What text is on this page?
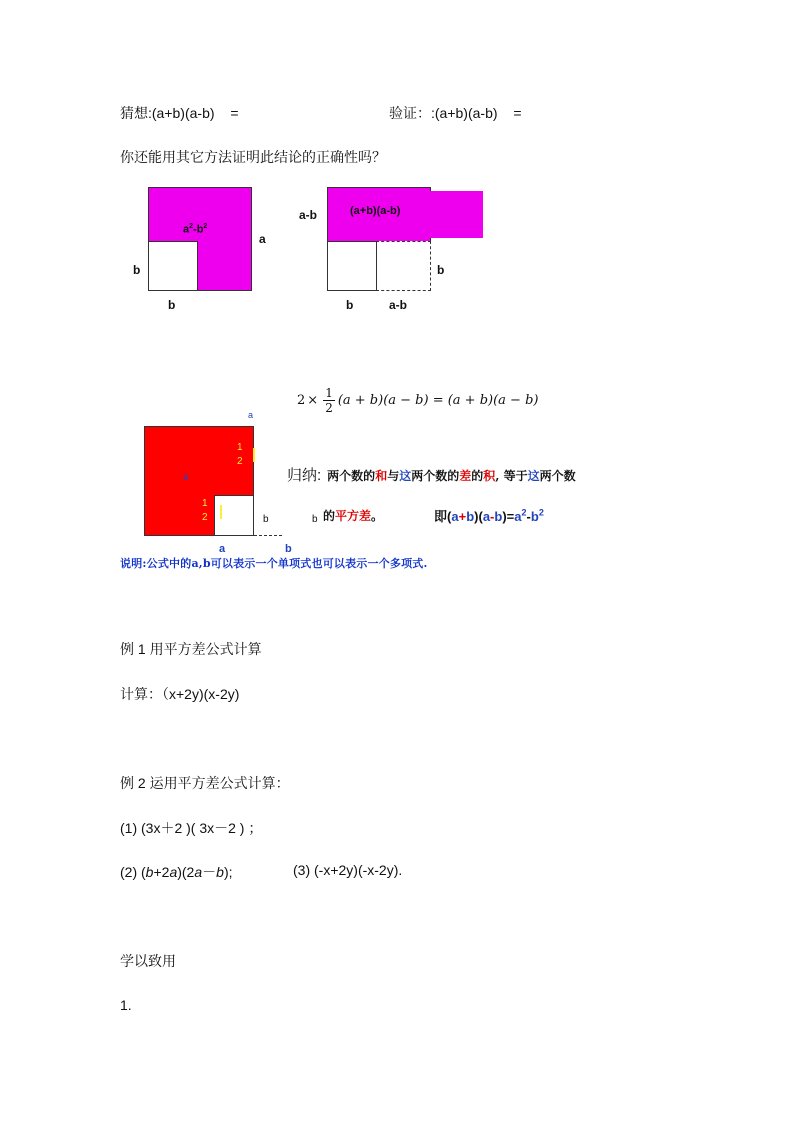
猜想:(a+b)(a-b) =	验证：:(a+b)(a-b) =
你还能用其它方法证明此结论的正确性吗？
$a^2-b^2$
a
b
b
(a+b)(a-b)
a-b
b
b	a-b
$2 \times \frac{1}{2} (a + b)(a - b) = (a + b)(a - b)$
a
a
1
2
1
2	b	b
a	b
归纳: 两个数的 和 与 这 两个数的 差 的 积 , 等于 这 两个数
的 平方差 。	即$(a+b)(a-b)=a^2-b^2$
说明:公式中的a,b可以表示一个单项式也可以表示一个多项式.
例 1 用平方差公式计算
计算：（x+2y)(x-2y)
例 2 运用平方差公式计算：
(1) (3x＋2 )( 3x－2 ) ；
(2) (b+2a)(2a－b);	(3) (-x+2y)(-x-2y).
学以致用
1.
